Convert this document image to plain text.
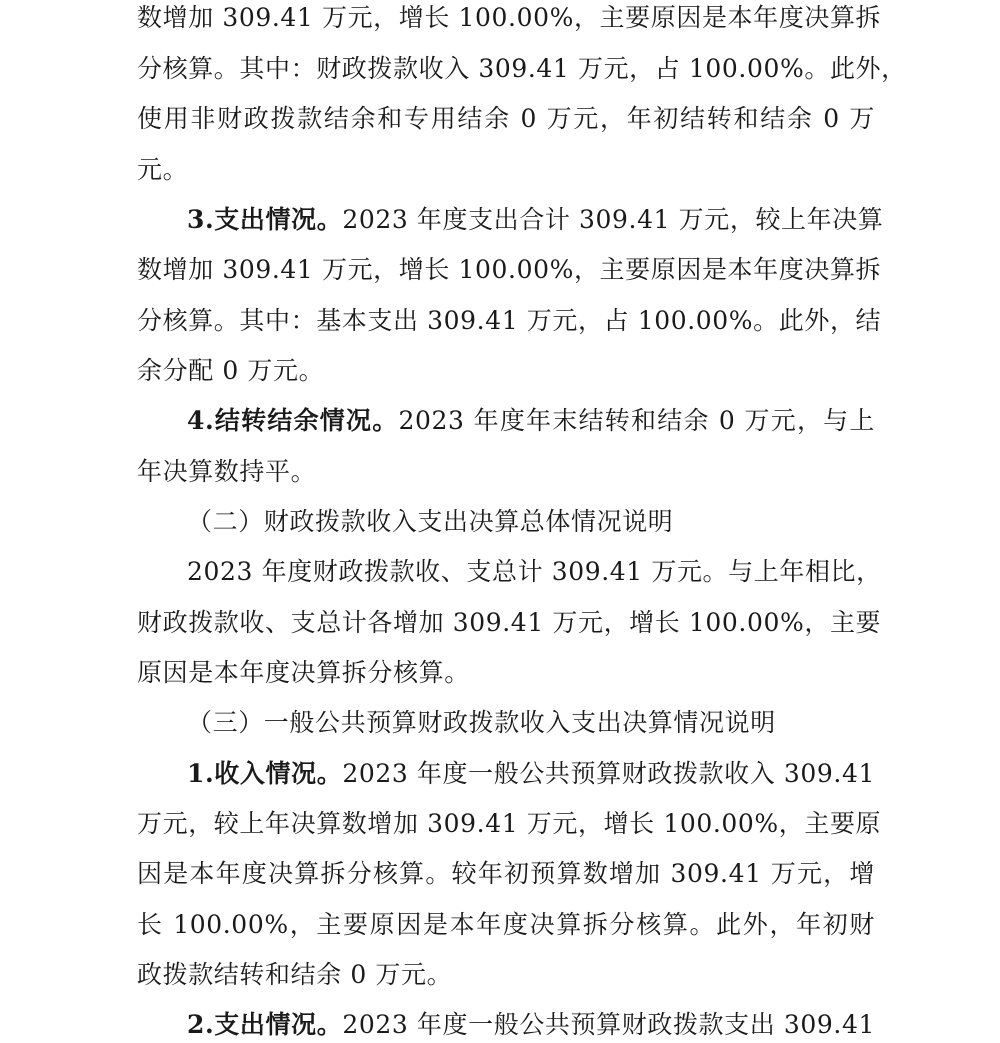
数增加 309.41 万元，增长 100.00%，主要原因是本年度决算拆
分核算。其中：财政拨款收入 309.41 万元，占 100.00%。此外，
使用非财政拨款结余和专用结余 0 万元，年初结转和结余 0 万
元。
3.支出情况。2023 年度支出合计 309.41 万元，较上年决算
数增加 309.41 万元，增长 100.00%，主要原因是本年度决算拆
分核算。其中：基本支出 309.41 万元，占 100.00%。此外，结
余分配 0 万元。
4.结转结余情况。2023 年度年末结转和结余 0 万元，与上
年决算数持平。
（二）财政拨款收入支出决算总体情况说明
2023 年度财政拨款收、支总计 309.41 万元。与上年相比，
财政拨款收、支总计各增加 309.41 万元，增长 100.00%，主要
原因是本年度决算拆分核算。
（三）一般公共预算财政拨款收入支出决算情况说明
1.收入情况。2023 年度一般公共预算财政拨款收入 309.41
万元，较上年决算数增加 309.41 万元，增长 100.00%，主要原
因是本年度决算拆分核算。较年初预算数增加 309.41 万元，增
长 100.00%，主要原因是本年度决算拆分核算。此外，年初财
政拨款结转和结余 0 万元。
2.支出情况。2023 年度一般公共预算财政拨款支出 309.41
